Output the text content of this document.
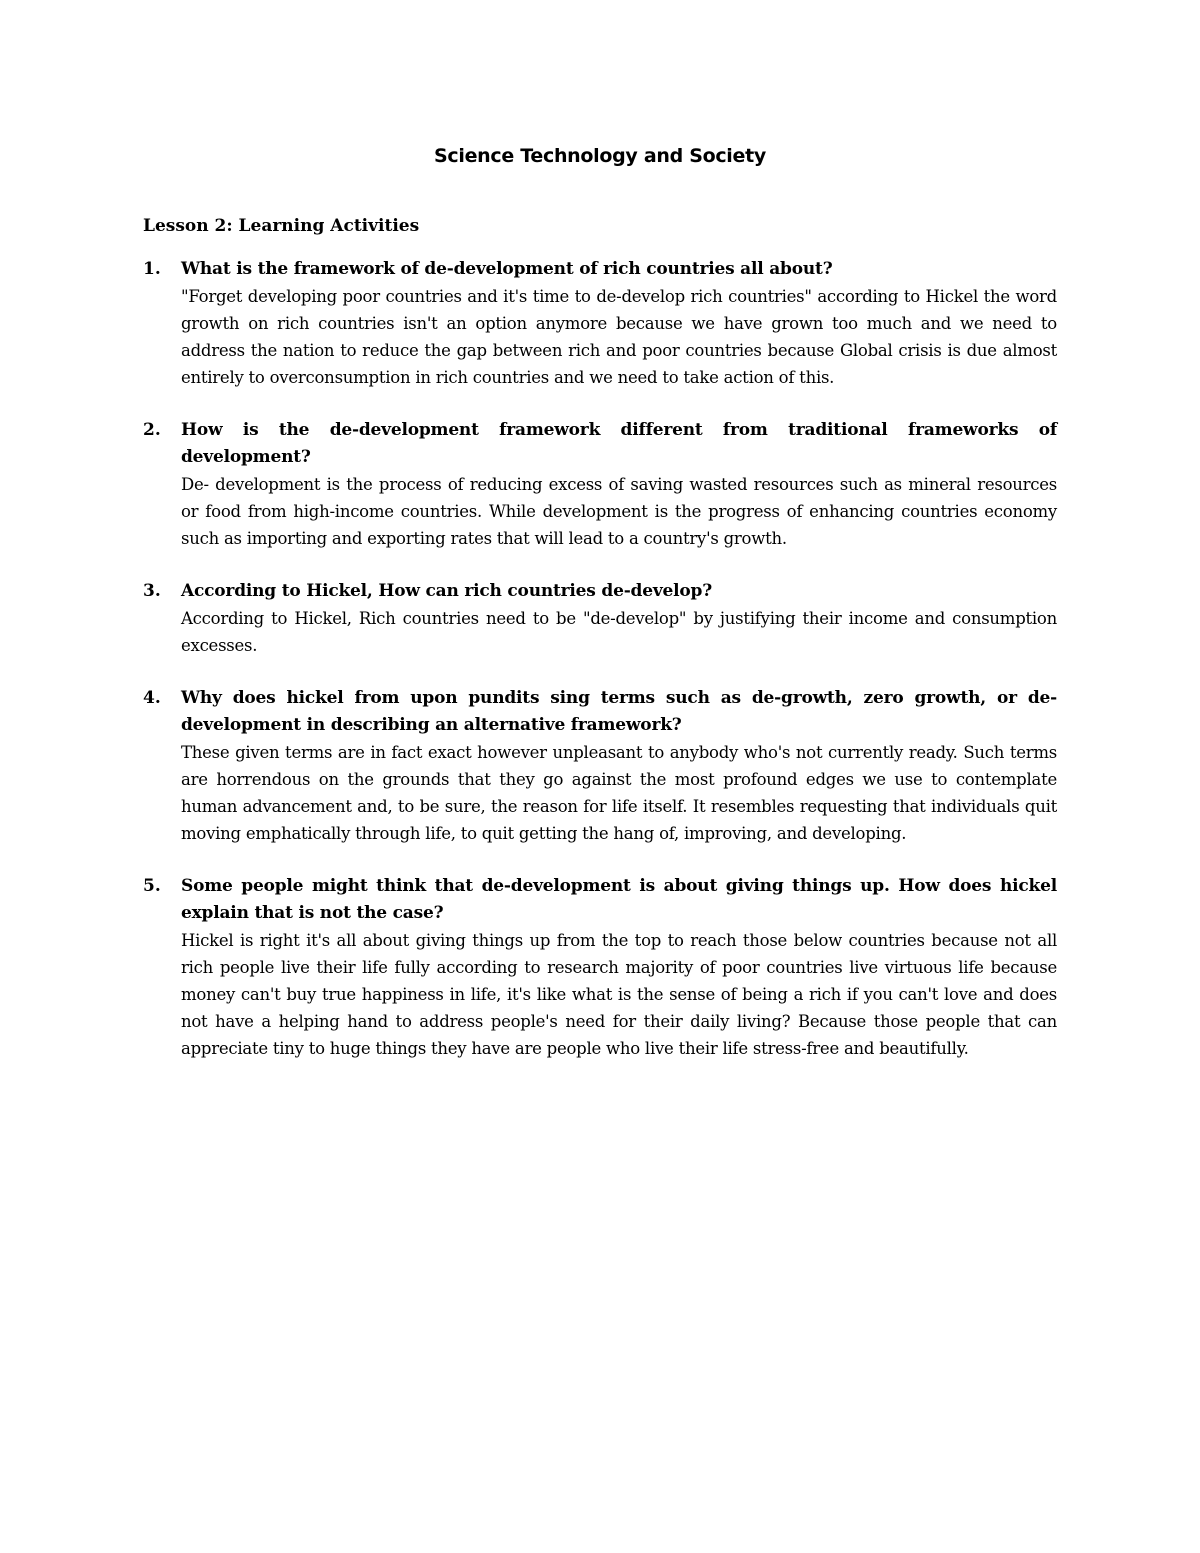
Science Technology and Society
Lesson 2: Learning Activities
1. What is the framework of de-development of rich countries all about?

"Forget developing poor countries and it's time to de-develop rich countries" according to Hickel the word growth on rich countries isn't an option anymore because we have grown too much and we need to address the nation to reduce the gap between rich and poor countries because Global crisis is due almost entirely to overconsumption in rich countries and we need to take action of this.

2. How is the de-development framework different from traditional frameworks of development?

De- development is the process of reducing excess of saving wasted resources such as mineral resources or food from high-income countries. While development is the progress of enhancing countries economy such as importing and exporting rates that will lead to a country's growth.

3. According to Hickel, How can rich countries de-develop?

According to Hickel, Rich countries need to be "de-develop" by justifying their income and consumption excesses.

4. Why does hickel from upon pundits sing terms such as de-growth, zero growth, or de-development in describing an alternative framework?

These given terms are in fact exact however unpleasant to anybody who's not currently ready. Such terms are horrendous on the grounds that they go against the most profound edges we use to contemplate human advancement and, to be sure, the reason for life itself. It resembles requesting that individuals quit moving emphatically through life, to quit getting the hang of, improving, and developing.

5. Some people might think that de-development is about giving things up. How does hickel explain that is not the case?

Hickel is right it's all about giving things up from the top to reach those below countries because not all rich people live their life fully according to research majority of poor countries live virtuous life because money can't buy true happiness in life, it's like what is the sense of being a rich if you can't love and does not have a helping hand to address people's need for their daily living? Because those people that can appreciate tiny to huge things they have are people who live their life stress-free and beautifully.
